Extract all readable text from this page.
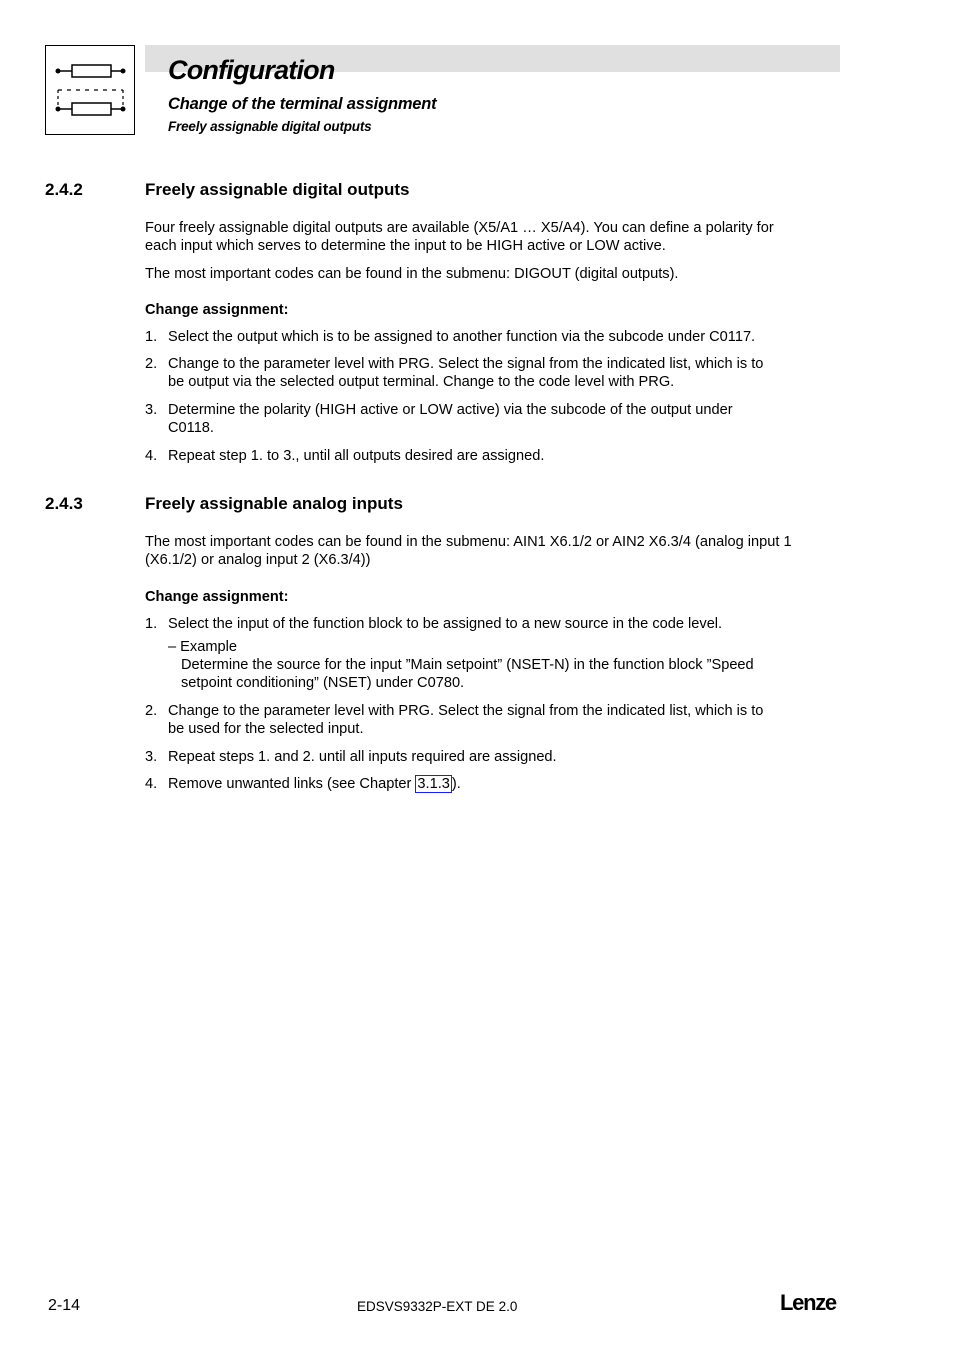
Configuration
Change of the terminal assignment
Freely assignable digital outputs
2.4.2	Freely assignable digital outputs
Four freely assignable digital outputs are available (X5/A1 … X5/A4). You can define a polarity for
each input which serves to determine the input to be HIGH active or LOW active.
The most important codes can be found in the submenu: DIGOUT (digital outputs).
Change assignment:
1. Select the output which is to be assigned to another function via the subcode under C0117.
2. Change to the parameter level with PRG. Select the signal from the indicated list, which is to
be output via the selected output terminal. Change to the code level with PRG.
3. Determine the polarity (HIGH active or LOW active) via the subcode of the output under
C0118.
4. Repeat step 1. to 3., until all outputs desired are assigned.
2.4.3	Freely assignable analog inputs
The most important codes can be found in the submenu: AIN1 X6.1/2 or AIN2 X6.3/4 (analog input 1
(X6.1/2) or analog input 2 (X6.3/4))
Change assignment:
1. Select the input of the function block to be assigned to a new source in the code level.
– Example
Determine the source for the input ”Main setpoint” (NSET-N) in the function block ”Speed
setpoint conditioning” (NSET) under C0780.
2. Change to the parameter level with PRG. Select the signal from the indicated list, which is to
be used for the selected input.
3. Repeat steps 1. and 2. until all inputs required are assigned.
4. Remove unwanted links (see Chapter 3.1.3 ).
2-14	EDSVS9332P-EXT DE 2.0	Lenze
